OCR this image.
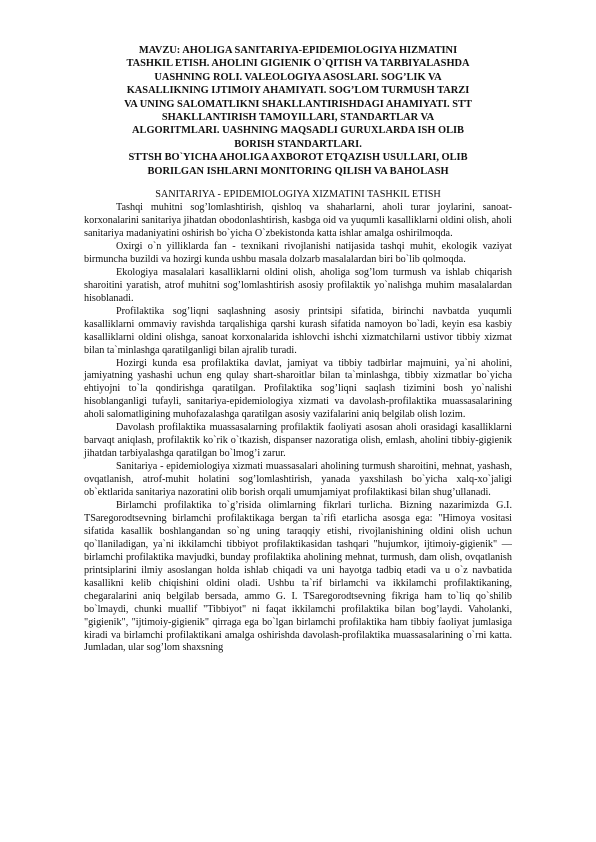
MAVZU: AHOLIGA SANITARIYA-EPIDEMIOLOGIYA HIZMATINI
TASHKIL ETISH. AHOLINI GIGIENIK O`QITISH VA TARBIYALASHDA
UASHNING ROLI. VALEOLOGIYA ASOSLARI. SOG’LIK VA
KASALLIKNING IJTIMOIY AHAMIYATI. SOG’LOM TURMUSH TARZI
VA UNING SALOMATLIKNI SHAKLLANTIRISHDAGI AHAMIYATI. STT
SHAKLLANTIRISH TAMOYILLARI, STANDARTLAR VA
ALGORITMLARI. UASHNING MAQSADLI GURUXLARDA ISH OLIB
BORISH STANDARTLARI.
STTSH BO`YICHA AHOLIGA AXBOROT ETQAZISH USULLARI, OLIB
BORILGAN ISHLARNI MONITORING QILISH VA BAHOLASH
SANITARIYA - EPIDEMIOLOGIYA XIZMATINI TASHKIL ETISH

Tashqi muhitni sog’lomlashtirish, qishloq va shaharlarni, aholi turar joylarini, sanoat-korxonalarini sanitariya jihatdan obodonlashtirish, kasbga oid va yuqumli kasalliklarni oldini olish, aholi sanitariya madaniyatini oshirish bo`yicha O`zbekistonda katta ishlar amalga oshirilmoqda.

Oxirgi o`n yilliklarda fan - texnikani rivojlanishi natijasida tashqi muhit, ekologik vaziyat birmuncha buzildi va hozirgi kunda ushbu masala dolzarb masalalardan biri bo`lib qolmoqda.

Ekologiya masalalari kasalliklarni oldini olish, aholiga sog’lom turmush va ishlab chiqarish sharoitini yaratish, atrof muhitni sog’lomlashtirish asosiy profilaktik yo`nalishga muhim masalalardan hisoblanadi.

Profilaktika sog’liqni saqlashning asosiy printsipi sifatida, birinchi navbatda yuqumli kasalliklarni ommaviy ravishda tarqalishiga qarshi kurash sifatida namoyon bo`ladi, keyin esa kasbiy kasalliklarni oldini olishga, sanoat korxonalarida ishlovchi ishchi xizmatchilarni ustivor tibbiy xizmat bilan ta`minlashga qaratilganligi bilan ajralib turadi.

Hozirgi kunda esa profilaktika davlat, jamiyat va tibbiy tadbirlar majmuini, ya`ni aholini, jamiyatning yashashi uchun eng qulay shart-sharoitlar bilan ta`minlashga, tibbiy xizmatlar bo`yicha ehtiyojni to`la qondirishga qaratilgan. Profilaktika sog’liqni saqlash tizimini bosh yo`nalishi hisoblanganligi tufayli, sanitariya-epidemiologiya xizmati va davolash-profilaktika muassasalarining aholi salomatligining muhofazalashga qaratilgan asosiy vazifalarini aniq belgilab olish lozim.

Davolash profilaktika muassasalarning profilaktik faoliyati asosan aholi orasidagi kasalliklarni barvaqt aniqlash, profilaktik ko`rik o`tkazish, dispanser nazoratiga olish, emlash, aholini tibbiy-gigienik jihatdan tarbiyalashga qaratilgan bo`lmog’i zarur.

Sanitariya - epidemiologiya xizmati muassasalari aholining turmush sharoitini, mehnat, yashash, ovqatlanish, atrof-muhit holatini sog’lomlashtirish, yanada yaxshilash bo`yicha xalq-xo`jaligi ob`ektlarida sanitariya nazoratini olib borish orqali umumjamiyat profilaktikasi bilan shug’ullanadi.

Birlamchi profilaktika to`g’risida olimlarning fikrlari turlicha. Bizning nazarimizda G.I. TSaregorodtsevning birlamchi profilaktikaga bergan ta`rifi etarlicha asosga ega: "Himoya vositasi sifatida kasallik boshlangandan so`ng uning taraqqiy etishi, rivojlanishining oldini olish uchun qo`llaniladigan, ya`ni ikkilamchi tibbiyot profilaktikasidan tashqari "hujumkor, ijtimoiy-gigienik" — birlamchi profilaktika mavjudki, bunday profilaktika aholining mehnat, turmush, dam olish, ovqatlanish printsiplarini ilmiy asoslangan holda ishlab chiqadi va uni hayotga tadbiq etadi va u o`z navbatida kasallikni kelib chiqishini oldini oladi. Ushbu ta`rif birlamchi va ikkilamchi profilaktikaning, chegaralarini aniq belgilab bersada, ammo G. I. TSaregorodtsevning fikriga ham to`liq qo`shilib bo`lmaydi, chunki muallif "Tibbiyot" ni faqat ikkilamchi profilaktika bilan bog’laydi. Vaholanki, "gigienik", "ijtimoiy-gigienik" qirraga ega bo`lgan birlamchi profilaktika ham tibbiy faoliyat jumlasiga kiradi va birlamchi profilaktikani amalga oshirishda davolash-profilaktika muassasalarining o`rni katta. Jumladan, ular sog’lom shaxsning
